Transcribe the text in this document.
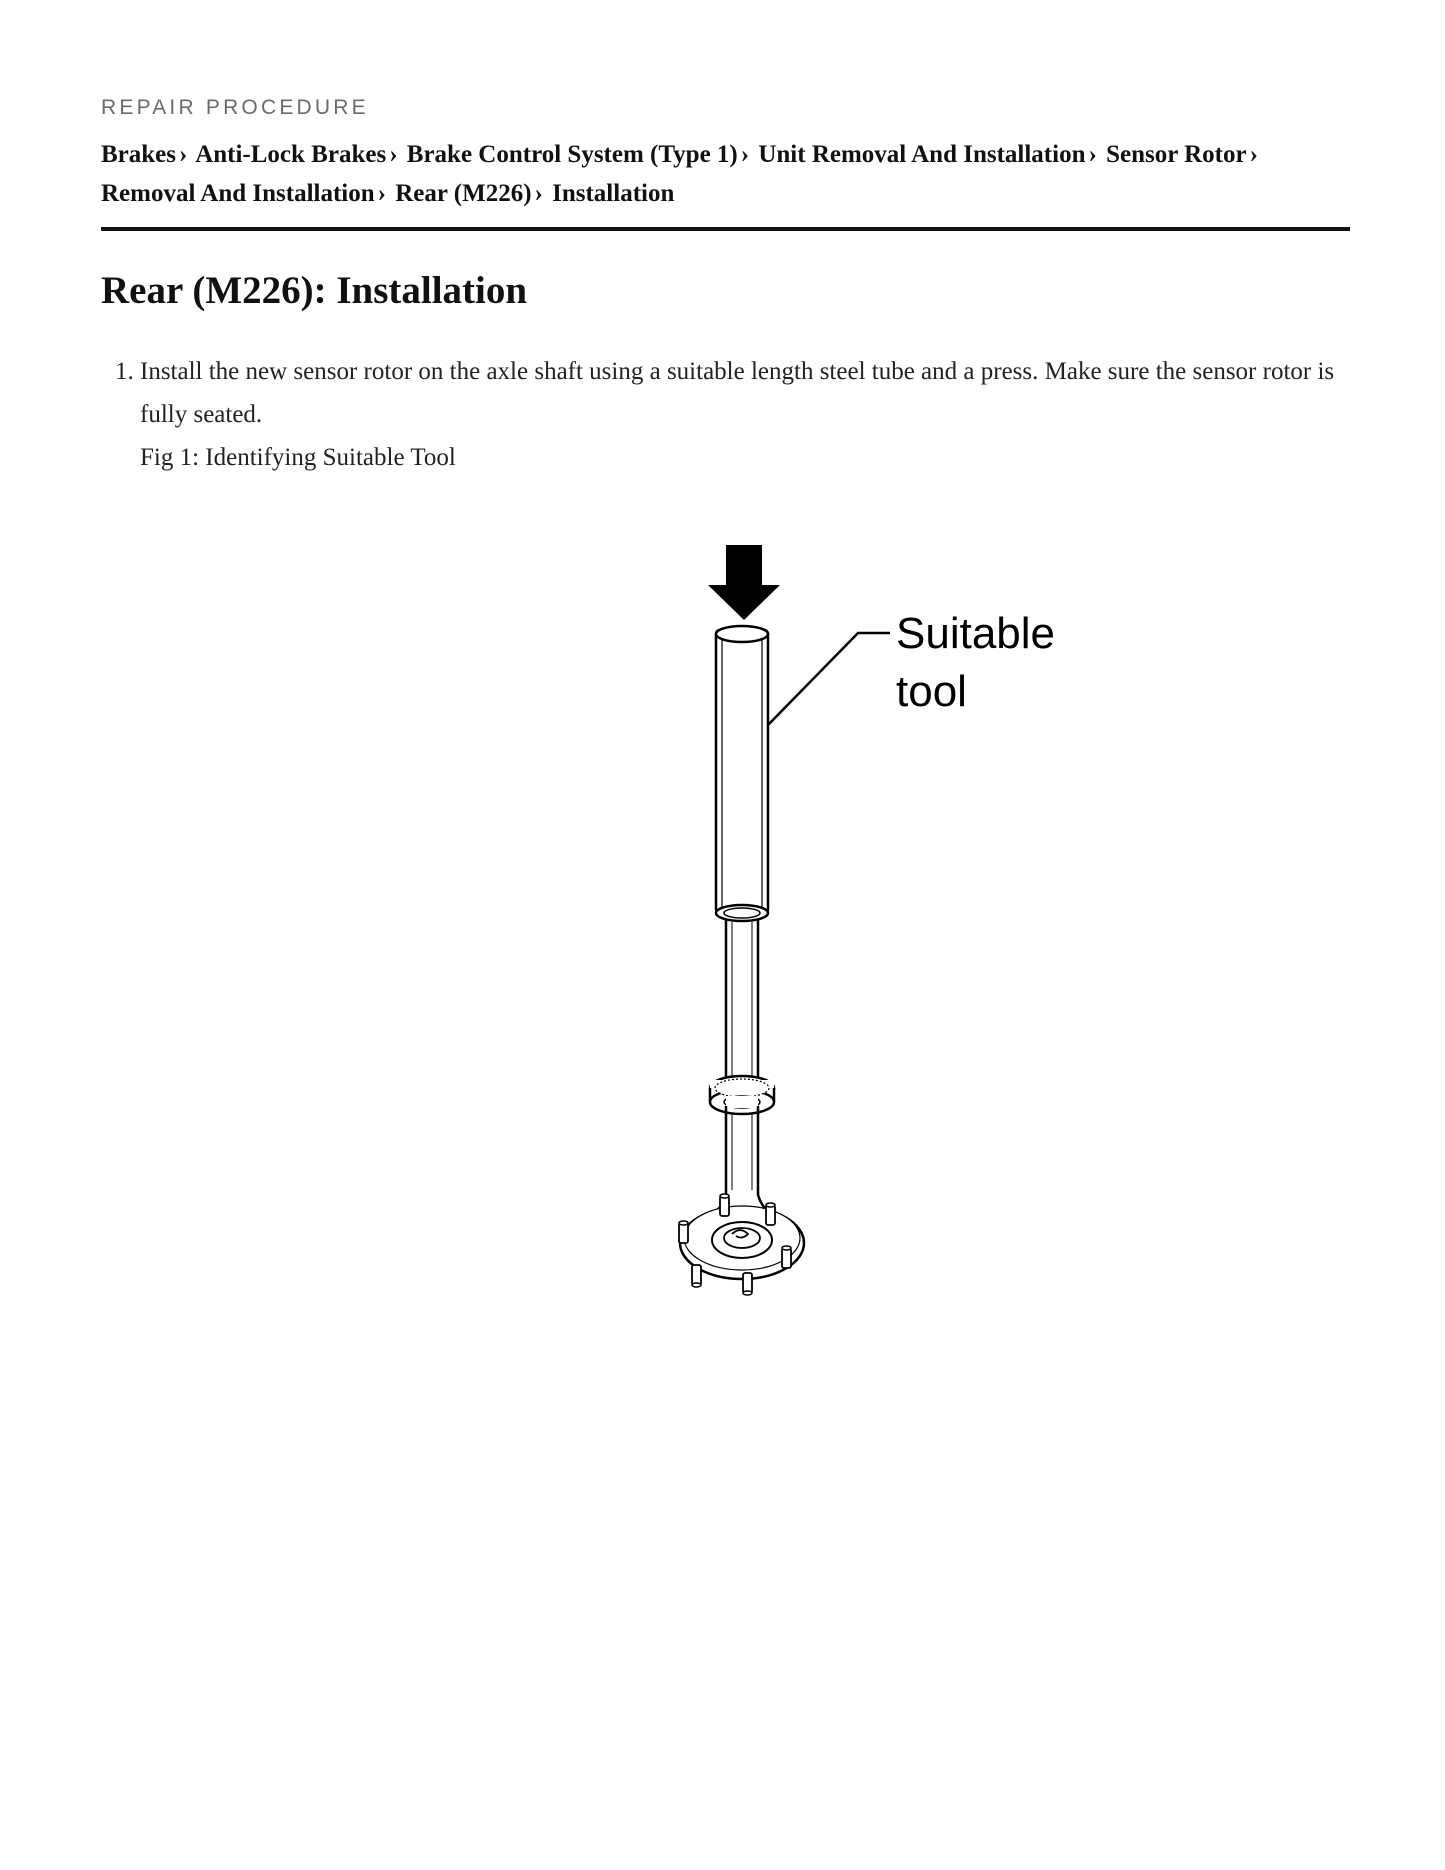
REPAIR PROCEDURE
Brakes › Anti-Lock Brakes › Brake Control System (Type 1) › Unit Removal And Installation › Sensor Rotor › Removal And Installation › Rear (M226) › Installation
Rear (M226): Installation
1. Install the new sensor rotor on the axle shaft using a suitable length steel tube and a press. Make sure the sensor rotor is fully seated.
Fig 1: Identifying Suitable Tool
Suitable
tool
